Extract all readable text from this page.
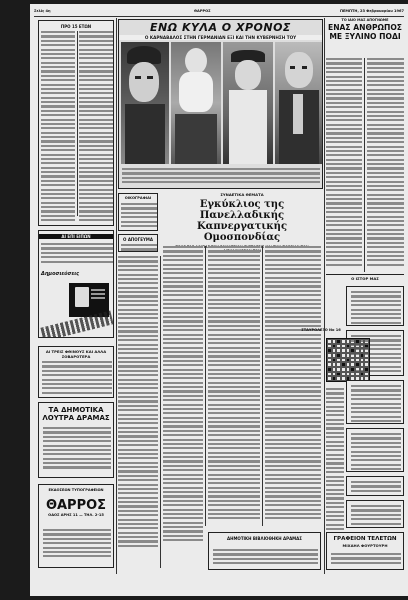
Σελίς 4η	ΘΑΡΡΟΣ	ΠΕΜΠΤΗ, 23 Φεβρουαρίου 1967
ΠΡΟ 15 ΕΤΩΝ
ΑΙ ΕΠΙ ΕΙΠΩΝ
Δημοσιεύσεις
ΑΙ ΤΡΕΙΣ ΦΘΙΝΟΥΣ ΚΑΙ ΑΛΛΑ ΣΟΒΑΡΟΤΕΡΑ
ΤΑ ΔΗΜΟΤΙΚΑ ΛΟΥΤΡΑ ΔΡΑΜΑΣ
ΕΚΔΟΣΕΩΝ ΤΥΠΟΓΡΑΦΕΙΩΝ
ΘΑΡΡΟΣ
ΟΔΟΣ ΑΡΗΣ 11 — ΤΗΛ. 2-15
ΕΝΩ ΚΥΛΑ Ο ΧΡΟΝΟΣ
Ο ΚΑΡΝΑΒΑΛΟΣ ΣΤΗΝ ΓΕΡΜΑΝΙΑΝ ΕΞΙ ΚΑΙ ΤΗΝ ΚΥΒΕΡΝΗΣΗ ΤΟΥ
ΟΙΚΟΓΡΑΦΙΑΙ
Ο ΑΠΟΓΕΥΜΑ
ΣΥΝΔΕΤΙΚΑ ΘΕΜΑΤΑ
Εγκύκλιος της Πανελλαδικής
Καπνεργατικής Ομοσπονδίας
ΔΗΜΟΤΙΚΗ ΒΙΒΛΙΟΘΗΚΗ ΔΡΑΜΑΣ
ΤΟ ΙΔΙΟ ΜΑΣ ΑΠΟΓΝΩΜΕ
ΕΝΑΣ ΑΝΘΡΩΠΟΣ
ΜΕ ΞΥΛΙΝΟ ΠΟΔΙ
Ο ΙΣΤΟΡ ΜΑΣ
ΣΤΑΥΡΟΛΕΞΟ Νο 16
ΓΡΑΦΕΙΟΝ ΤΕΛΕΤΩΝ
ΜΙΧΑΗΛ ΦΟΥΡΤΟΥΡΗ
